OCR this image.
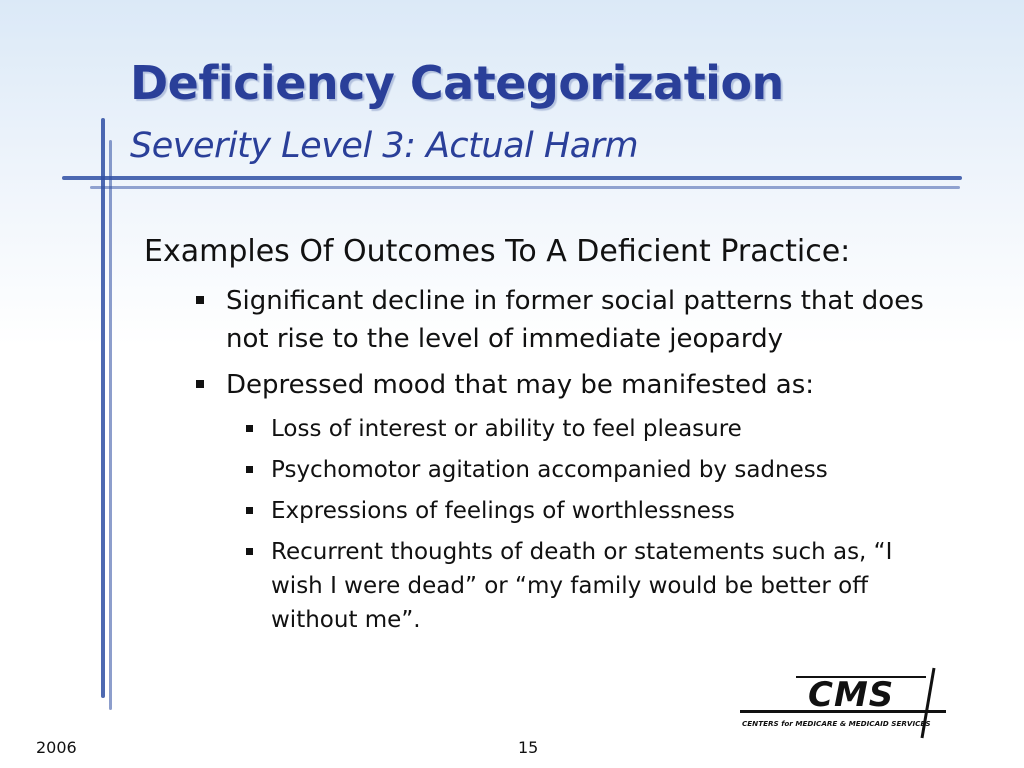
Deficiency Categorization
Severity Level 3: Actual Harm
Examples Of Outcomes To A Deficient Practice:
Significant decline in former social patterns that does not rise to the level of immediate jeopardy
Depressed mood that may be manifested as:
Loss of interest or ability to feel pleasure
Psychomotor agitation accompanied by sadness
Expressions of feelings of worthlessness
Recurrent thoughts of death or statements such as, “I wish I were dead” or “my family would be better off without me”.
2006	15
CMS
CENTERS for MEDICARE & MEDICAID SERVICES
